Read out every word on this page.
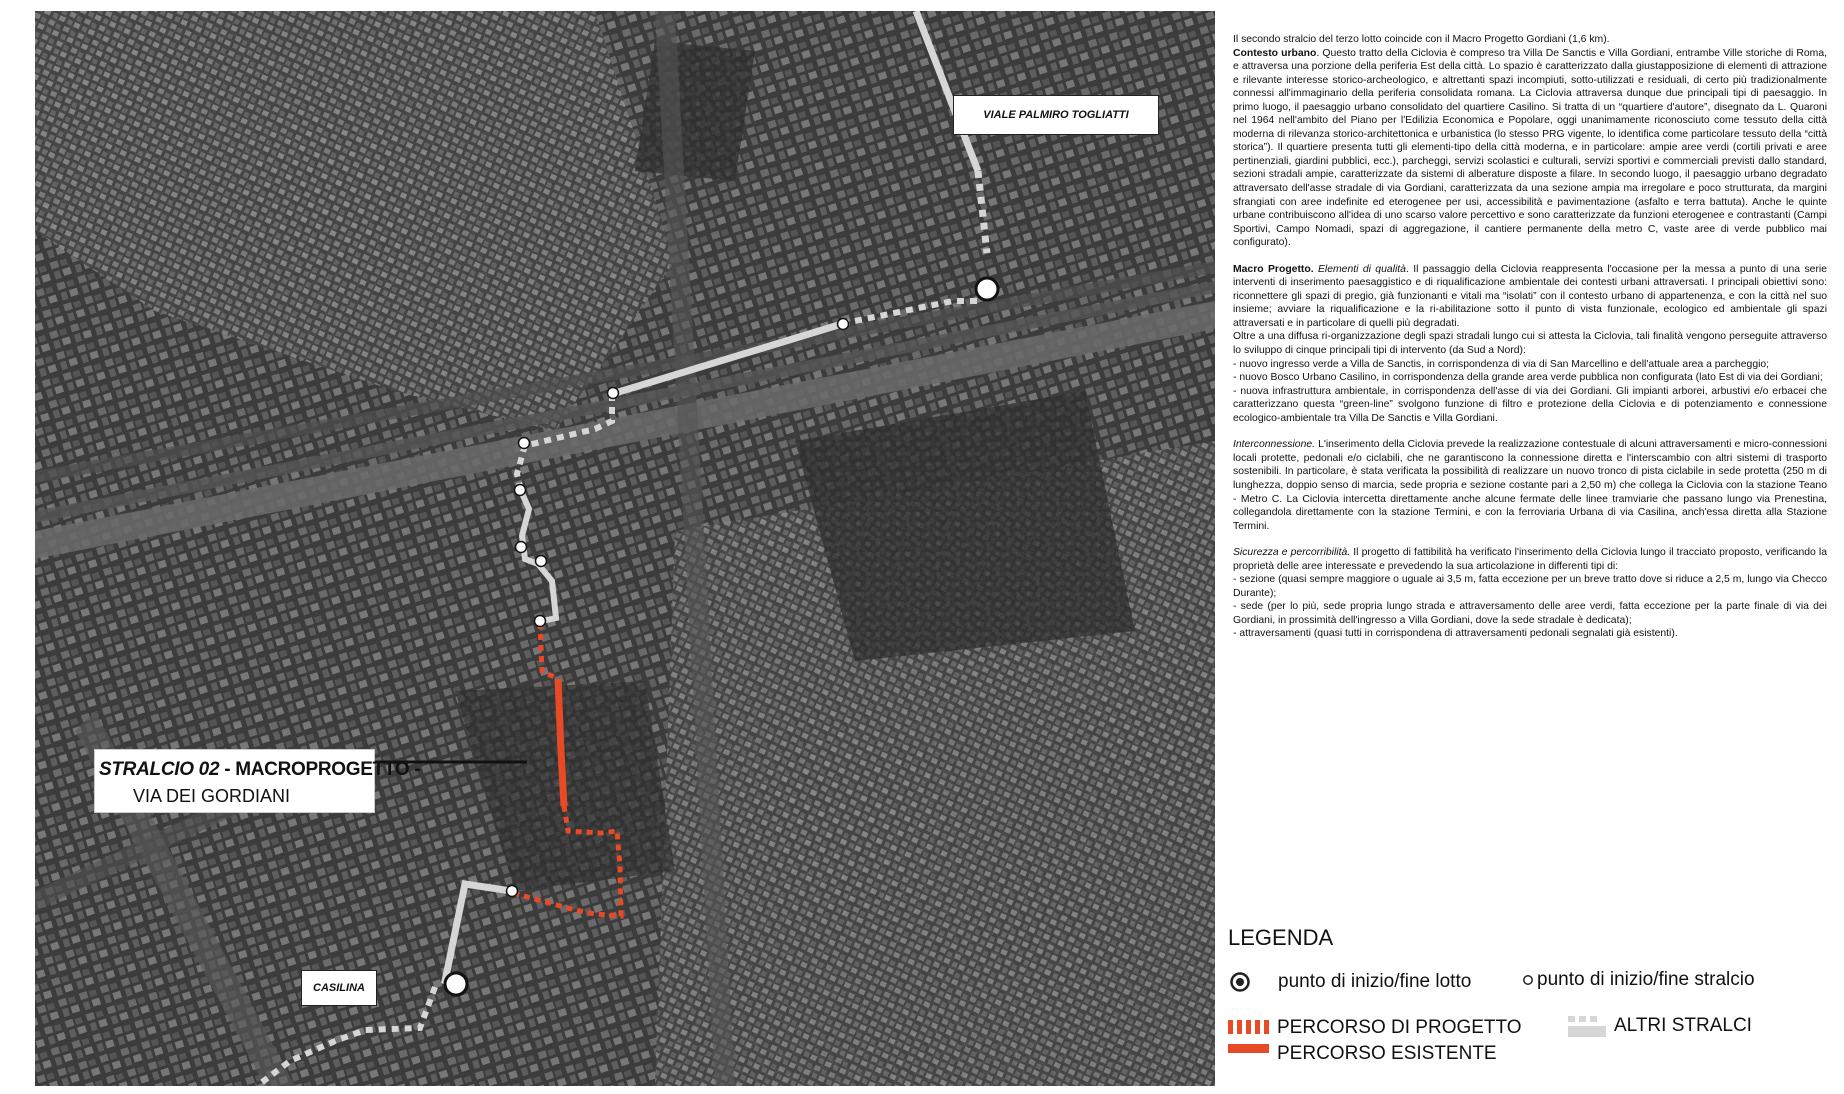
VIALE PALMIRO TOGLIATTI
CASILINA
STRALCIO 02 - MACROPROGETTO -
VIA DEI GORDIANI

Il secondo stralcio del terzo lotto coincide con il Macro Progetto Gordiani (1,6 km).

Contesto urbano. Questo tratto della Ciclovia è compreso tra Villa De Sanctis e Villa Gordiani, entrambe Ville storiche di Roma, e attraversa una porzione della periferia Est della città. Lo spazio è caratterizzato dalla giustapposizione di elementi di attrazione e rilevante interesse storico-archeologico, e altrettanti spazi incompiuti, sotto-utilizzati e residuali, di certo più tradizionalmente connessi all'immaginario della periferia consolidata romana. La Ciclovia attraversa dunque due principali tipi di paesaggio. In primo luogo, il paesaggio urbano consolidato del quartiere Casilino. Si tratta di un “quartiere d'autore”, disegnato da L. Quaroni nel 1964 nell'ambito del Piano per l'Edilizia Economica e Popolare, oggi unanimamente riconosciuto come tessuto della città moderna di rilevanza storico-architettonica e urbanistica (lo stesso PRG vigente, lo identifica come particolare tessuto della “città storica”). Il quartiere presenta tutti gli elementi-tipo della città moderna, e in particolare: ampie aree verdi (cortili privati e aree pertinenziali, giardini pubblici, ecc.), parcheggi, servizi scolastici e culturali, servizi sportivi e commerciali previsti dallo standard, sezioni stradali ampie, caratterizzate da sistemi di alberature disposte a filare. In secondo luogo, il paesaggio urbano degradato attraversato dell'asse stradale di via Gordiani, caratterizzata da una sezione ampia ma irregolare e poco strutturata, da margini sfrangiati con aree indefinite ed eterogenee per usi, accessibilità e pavimentazione (asfalto e terra battuta). Anche le quinte urbane contribuiscono all'idea di uno scarso valore percettivo e sono caratterizzate da funzioni eterogenee e contrastanti (Campi Sportivi, Campo Nomadi, spazi di aggregazione, il cantiere permanente della metro C, vaste aree di verde pubblico mai configurato).

Macro Progetto. Elementi di qualità. Il passaggio della Ciclovia reappresenta l'occasione per la messa a punto di una serie interventi di inserimento paesaggistico e di riqualificazione ambientale dei contesti urbani attraversati. I principali obiettivi sono: riconnettere gli spazi di pregio, già funzionanti e vitali ma “isolati” con il contesto urbano di appartenenza, e con la città nel suo insieme; avviare la riqualificazione e la ri-abilitazione sotto il punto di vista funzionale, ecologico ed ambientale gli spazi attraversati e in particolare di quelli più degradati.

Oltre a una diffusa ri-organizzazione degli spazi stradali lungo cui si attesta la Ciclovia, tali finalità vengono perseguite attraverso lo sviluppo di cinque principali tipi di intervento (da Sud a Nord):

- nuovo ingresso verde a Villa de Sanctis, in corrispondenza di via di San Marcellino e dell'attuale area a parcheggio;

- nuovo Bosco Urbano Casilino, in corrispondenza della grande area verde pubblica non configurata (lato Est di via dei Gordiani;

- nuova infrastruttura ambientale, in corrispondenza dell'asse di via dei Gordiani. Gli impianti arborei, arbustivi e/o erbacei che caratterizzano questa “green-line” svolgono funzione di filtro e protezione della Ciclovia e di potenziamento e connessione ecologico-ambientale tra Villa De Sanctis e Villa Gordiani.

Interconnessione. L'inserimento della Ciclovia prevede la realizzazione contestuale di alcuni attraversamenti e micro-connessioni locali protette, pedonali e/o ciclabili, che ne garantiscono la connessione diretta e l'interscambio con altri sistemi di trasporto sostenibili. In particolare, è stata verificata la possibilità di realizzare un nuovo tronco di pista ciclabile in sede protetta (250 m di lunghezza, doppio senso di marcia, sede propria e sezione costante pari a 2,50 m) che collega la Ciclovia con la stazione Teano - Metro C. La Ciclovia intercetta direttamente anche alcune fermate delle linee tramviarie che passano lungo via Prenestina, collegandola direttamente con la stazione Termini, e con la ferroviaria Urbana di via Casilina, anch'essa diretta alla Stazione Termini.

Sicurezza e percorribilità. Il progetto di fattibilità ha verificato l'inserimento della Ciclovia lungo il tracciato proposto, verificando la proprietà delle aree interessate e prevedendo la sua articolazione in differenti tipi di:

- sezione (quasi sempre maggiore o uguale ai 3,5 m, fatta eccezione per un breve tratto dove si riduce a 2,5 m, lungo via Checco Durante);

- sede (per lo più, sede propria lungo strada e attraversamento delle aree verdi, fatta eccezione per la parte finale di via dei Gordiani, in prossimità dell'ingresso a Villa Gordiani, dove la sede stradale è dedicata);

- attraversamenti (quasi tutti in corrispondena di attraversamenti pedonali segnalati già esistenti).

LEGENDA
punto di inizio/fine lotto	punto di inizio/fine stralcio
PERCORSO DI PROGETTO
PERCORSO ESISTENTE
ALTRI STRALCI
